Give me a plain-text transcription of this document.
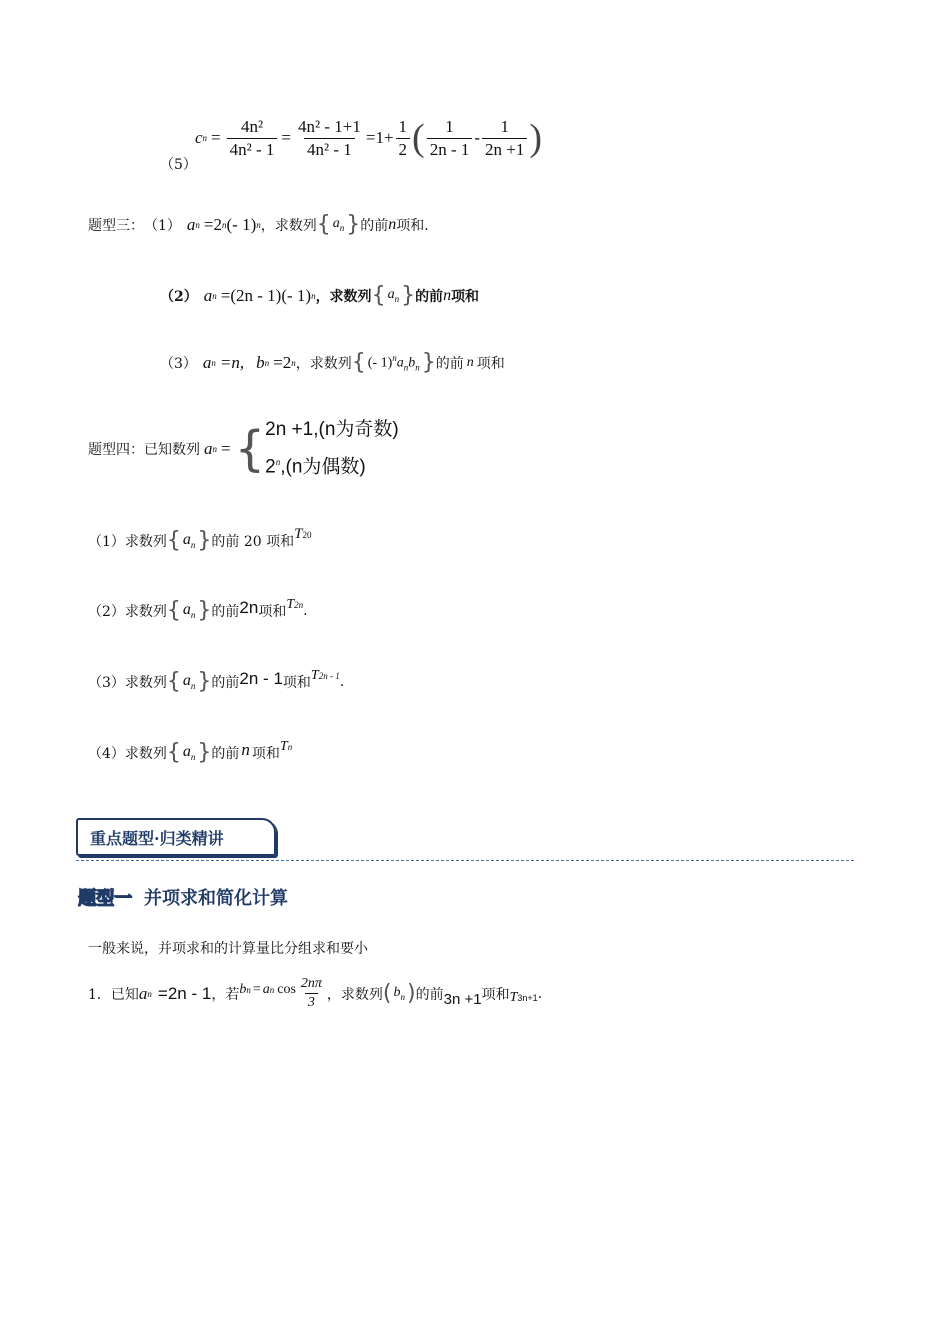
（5）
c $n = \frac{\text{4n²}}{\text{4n² - 1}} = \frac{\text{4n² - 1+1}}{\text{4n² - 1}} =1+ \frac{1}{2}$ ( $\frac{1}{2n - 1} - \frac{1}{2n +1}$ )
题型三： （1） a n =2 n (- 1) n ，求数列 { $a_n$ } 的前 n 项和.
（2） a n =(2n - 1)(- 1) n ，求数列 { $a_n$ } 的前 n 项和
（3） a n =n, b n =2 n ，求数列 { (- $1)^na_nb_n$ } 的前 n 项和
题型四：已知数列 a n = { 2n +1,(n为奇数)
2$^n$,(n为偶数)
（1）求数列 { $a_n$ } 的前 20 项和 $T_{20}$
（2）求数列 { $a_n$ } 的前 2n 项和 $T_{2n}$ .
（3）求数列 { $a_n$ } 的前 2n - 1 项和 $T_{2n - 1}$ .
（4）求数列 { $a_n$ } 的前 n 项和 $T_n$
重点题型·归类精讲
题型一 并项求和简化计算
一般来说，并项求和的计算量比分组求和要小
1．已知 a n =2n - 1 ，若 $b_n = a_n$ $\cos \frac{2n\pi}{3}$ ，求数列 ( $b_n$ ) 的前 3n +1 项和 $T_{3n+1}$ .
